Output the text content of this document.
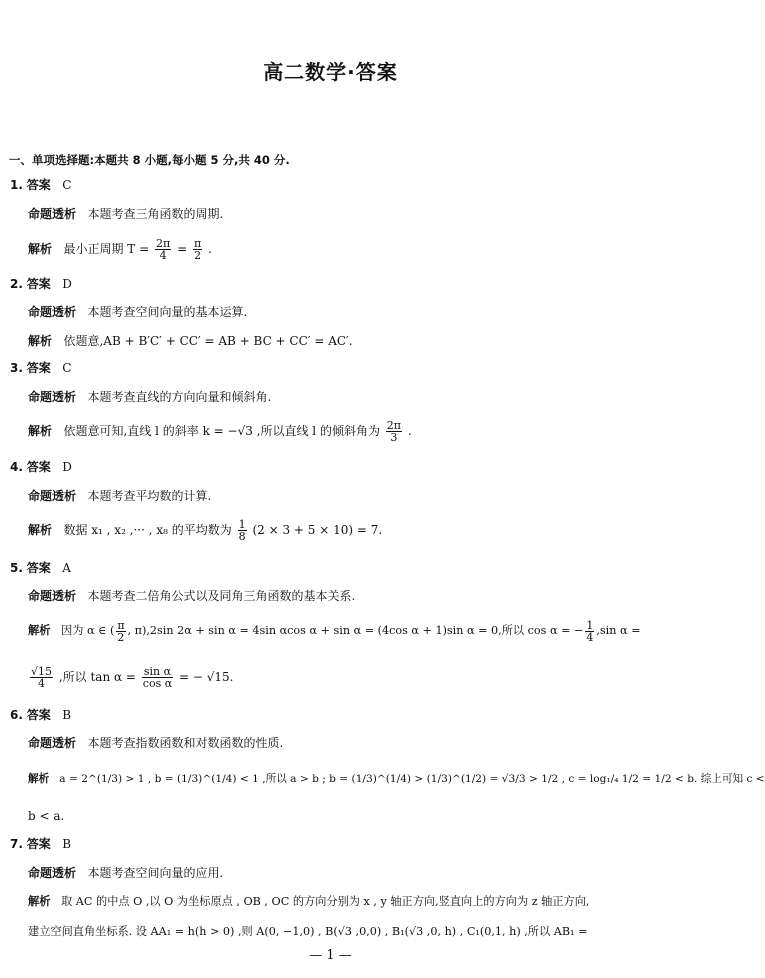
高二数学·答案
一、单项选择题:本题共 8 小题,每小题 5 分,共 40 分.
1. 答案 C
命题透析 本题考查三角函数的周期.
解析 最小正周期 $T = \frac{2\pi}{4} = \frac{\pi}{2}$ .
2. 答案 D
命题透析 本题考查空间向量的基本运算.
解析 依题意,AB + B′C′ + CC′ = AB + BC + CC′ = AC′.
3. 答案 C
命题透析 本题考查直线的方向向量和倾斜角.
解析 依题意可知,直线 l 的斜率 k = −√3 ,所以直线 l 的倾斜角为 $\frac{2\pi}{3}$ .
4. 答案 D
命题透析 本题考查平均数的计算.
解析 数据 x₁ , x₂ ,··· , x₈ 的平均数为 $\frac{1}{8} (2 \times 3 + 5 \times 10) = 7$.
5. 答案 A
命题透析 本题考查二倍角公式以及同角三角函数的基本关系.
解析 因为 α ∈ ( $\frac{\pi}{2}$ , π),2sin 2α + sin α = 4sin αcos α + sin α = (4cos α + 1)sin α = 0,所以 cos α = − $\frac{1}{4} ,\sin$ α =
$\frac{√15}{4}$ ,所以 $\tan \alpha = \frac{\text{sin α}}{\text{cos α}}$ = − √15.
6. 答案 B
命题透析 本题考查指数函数和对数函数的性质.
解析 a = 2^(1/3) > 1 , b = (1/3)^(1/4) < 1 ,所以 a > b ; b = (1/3)^(1/4) > (1/3)^(1/2) = √3/3 > 1/2 , c = log₁/₄ 1/2 = 1/2 < b. 综上可知 c <
b < a.
7. 答案 B
命题透析 本题考查空间向量的应用.
解析 取 AC 的中点 O ,以 O 为坐标原点 , OB , OC 的方向分别为 x , y 轴正方向,竖直向上的方向为 z 轴正方向,
建立空间直角坐标系. 设 AA₁ = h(h > 0) ,则 A(0, −1,0) , B(√3 ,0,0) , B₁(√3 ,0, h) , C₁(0,1, h) ,所以 AB₁ =
— 1 —
